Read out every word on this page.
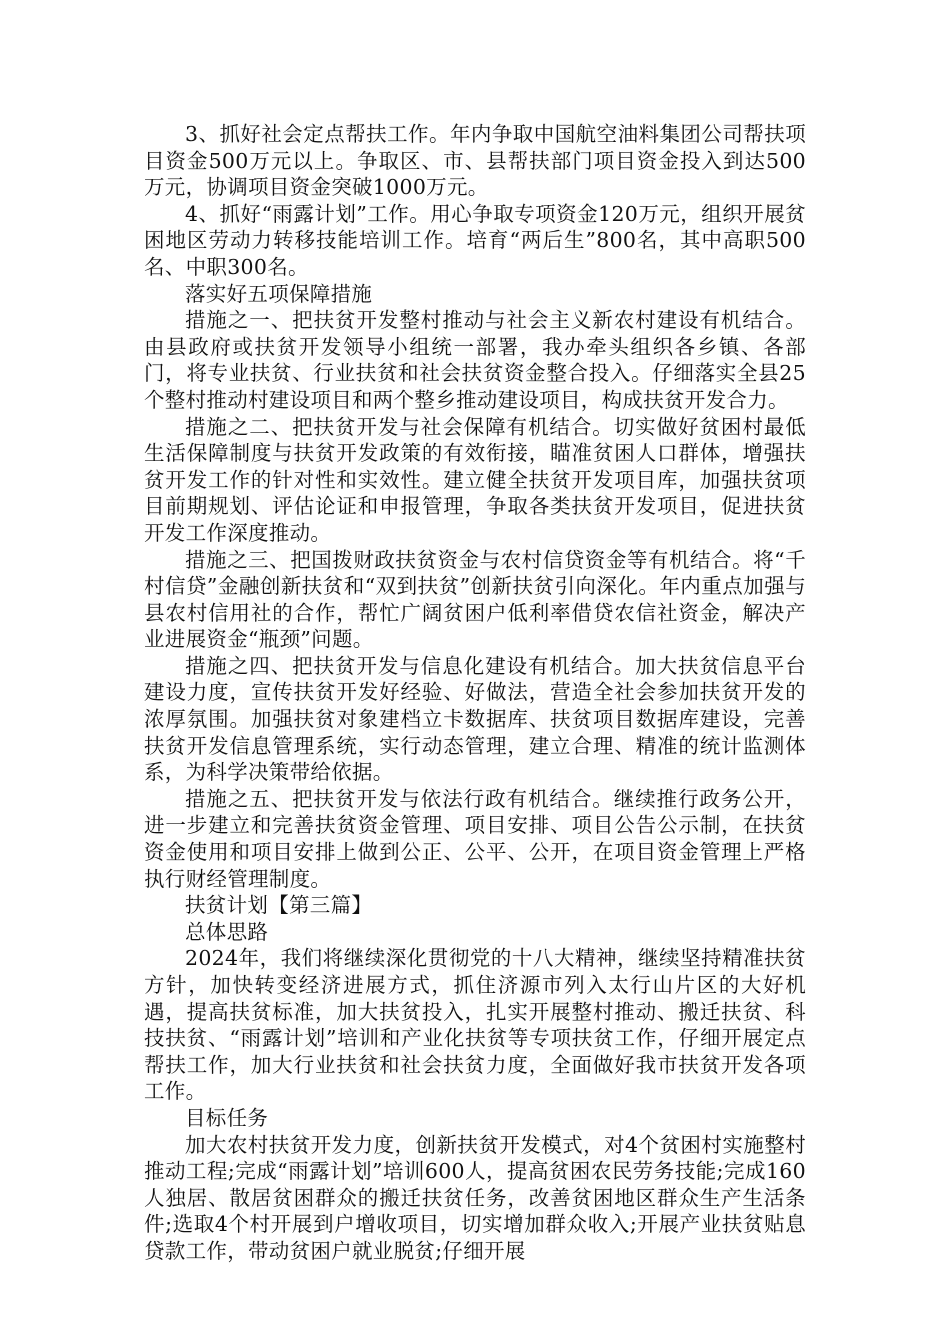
3、抓好社会定点帮扶工作。年内争取中国航空油料集团公司帮扶项目资金500万元以上。争取区、市、县帮扶部门项目资金投入到达500万元，协调项目资金突破1000万元。

4、抓好“雨露计划”工作。用心争取专项资金120万元，组织开展贫困地区劳动力转移技能培训工作。培育“两后生”800名，其中高职500名、中职300名。

落实好五项保障措施

措施之一、把扶贫开发整村推动与社会主义新农村建设有机结合。由县政府或扶贫开发领导小组统一部署，我办牵头组织各乡镇、各部门，将专业扶贫、行业扶贫和社会扶贫资金整合投入。仔细落实全县25个整村推动村建设项目和两个整乡推动建设项目，构成扶贫开发合力。

措施之二、把扶贫开发与社会保障有机结合。切实做好贫困村最低生活保障制度与扶贫开发政策的有效衔接，瞄准贫困人口群体，增强扶贫开发工作的针对性和实效性。建立健全扶贫开发项目库，加强扶贫项目前期规划、评估论证和申报管理，争取各类扶贫开发项目，促进扶贫开发工作深度推动。

措施之三、把国拨财政扶贫资金与农村信贷资金等有机结合。将“千村信贷”金融创新扶贫和“双到扶贫”创新扶贫引向深化。年内重点加强与县农村信用社的合作，帮忙广阔贫困户低利率借贷农信社资金，解决产业进展资金“瓶颈”问题。

措施之四、把扶贫开发与信息化建设有机结合。加大扶贫信息平台建设力度，宣传扶贫开发好经验、好做法，营造全社会参加扶贫开发的浓厚氛围。加强扶贫对象建档立卡数据库、扶贫项目数据库建设，完善扶贫开发信息管理系统，实行动态管理，建立合理、精准的统计监测体系，为科学决策带给依据。

措施之五、把扶贫开发与依法行政有机结合。继续推行政务公开，进一步建立和完善扶贫资金管理、项目安排、项目公告公示制，在扶贫资金使用和项目安排上做到公正、公平、公开，在项目资金管理上严格执行财经管理制度。

扶贫计划【第三篇】

总体思路

2024年，我们将继续深化贯彻党的十八大精神，继续坚持精准扶贫方针，加快转变经济进展方式，抓住济源市列入太行山片区的大好机遇，提高扶贫标准，加大扶贫投入，扎实开展整村推动、搬迁扶贫、科技扶贫、“雨露计划”培训和产业化扶贫等专项扶贫工作，仔细开展定点帮扶工作，加大行业扶贫和社会扶贫力度，全面做好我市扶贫开发各项工作。

目标任务

加大农村扶贫开发力度，创新扶贫开发模式，对4个贫困村实施整村推动工程;完成“雨露计划”培训600人，提高贫困农民劳务技能;完成160人独居、散居贫困群众的搬迁扶贫任务，改善贫困地区群众生产生活条件;选取4个村开展到户增收项目，切实增加群众收入;开展产业扶贫贴息贷款工作，带动贫困户就业脱贫;仔细开展
